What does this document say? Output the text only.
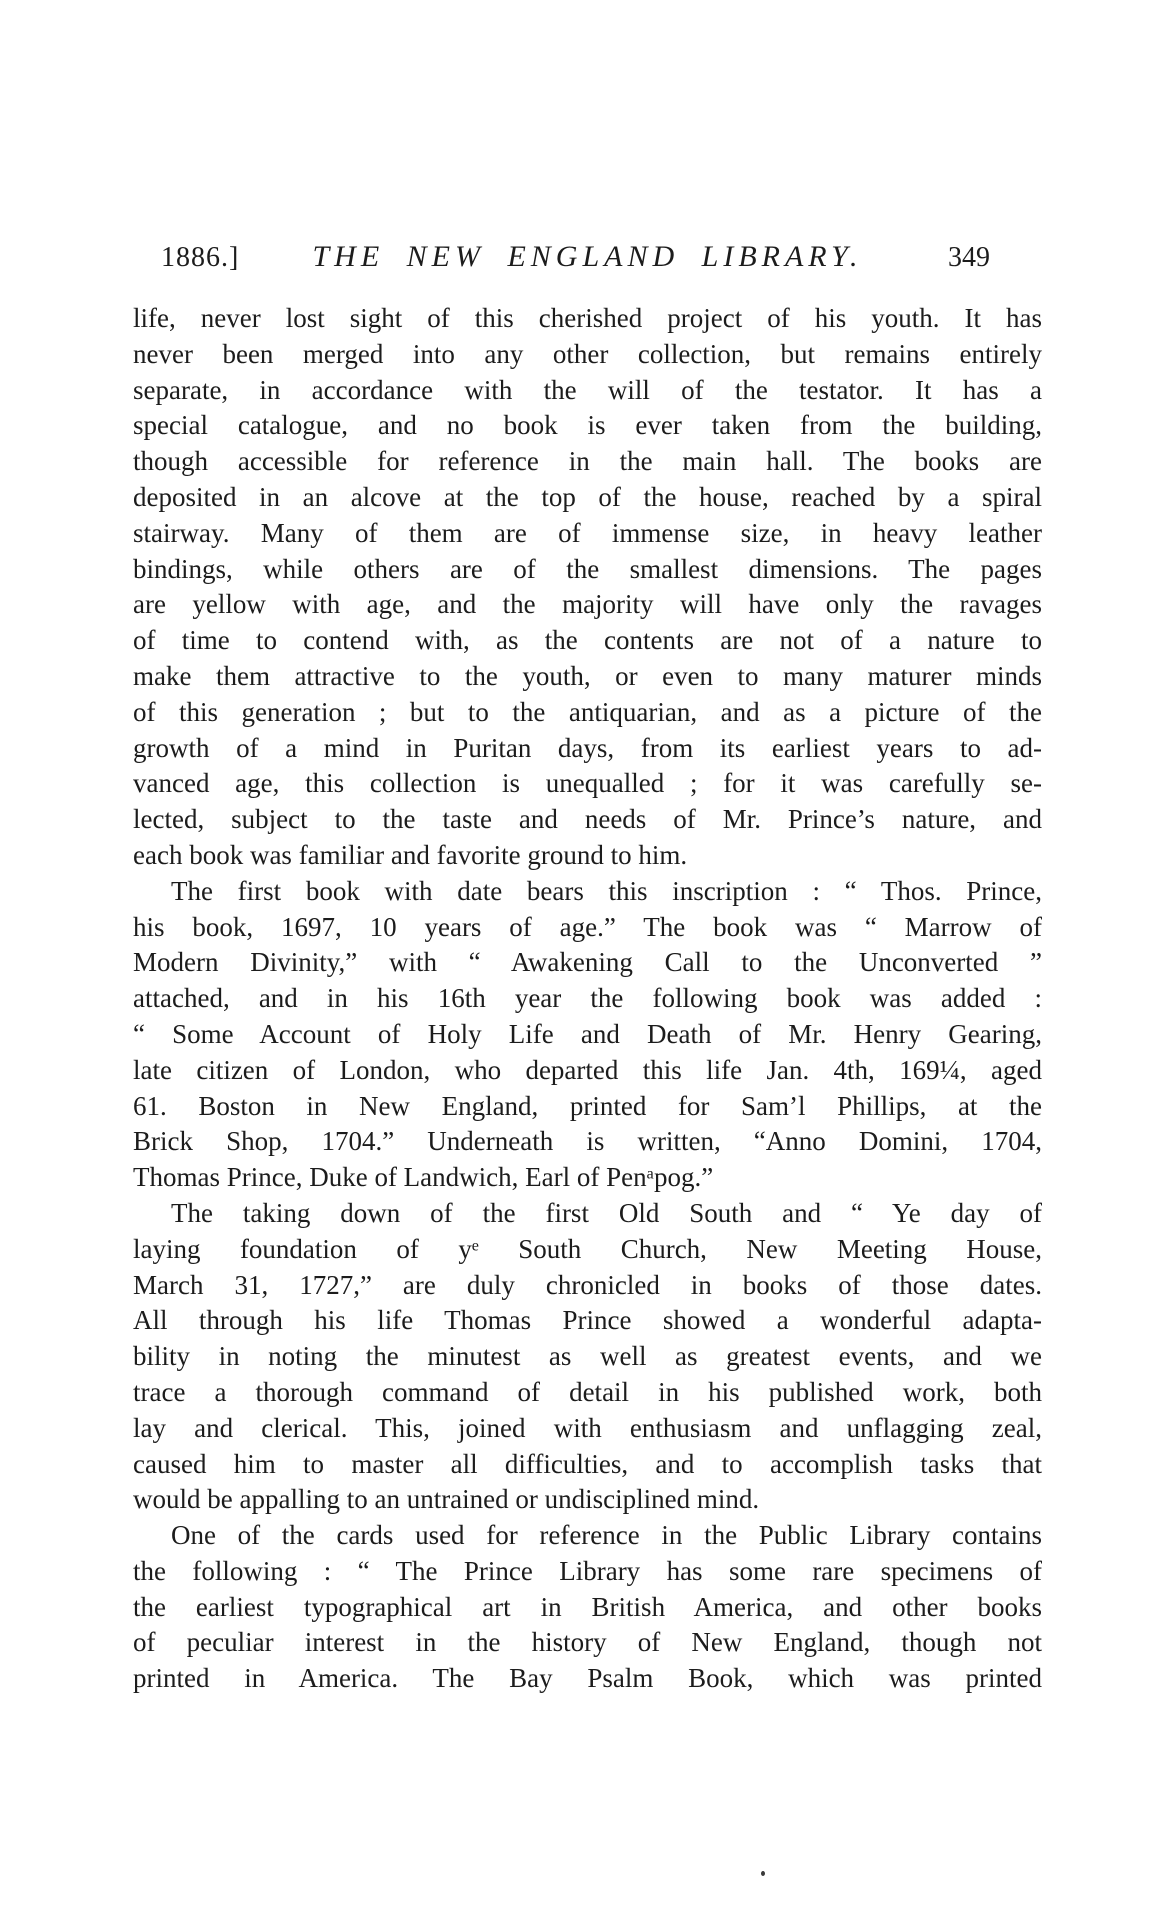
1886.]	THE NEW ENGLAND LIBRARY.	349
life, never lost sight of this cherished project of his youth. It has
never been merged into any other collection, but remains entirely
separate, in accordance with the will of the testator. It has a
special catalogue, and no book is ever taken from the building,
though accessible for reference in the main hall. The books are
deposited in an alcove at the top of the house, reached by a spiral
stairway. Many of them are of immense size, in heavy leather
bindings, while others are of the smallest dimensions. The pages
are yellow with age, and the majority will have only the ravages
of time to contend with, as the contents are not of a nature to
make them attractive to the youth, or even to many maturer minds
of this generation ; but to the antiquarian, and as a picture of the
growth of a mind in Puritan days, from its earliest years to ad-
vanced age, this collection is unequalled ; for it was carefully se-
lected, subject to the taste and needs of Mr. Prince’s nature, and
each book was familiar and favorite ground to him.
The first book with date bears this inscription : “ Thos. Prince,
his book, 1697, 10 years of age.” The book was “ Marrow of
Modern Divinity,” with “ Awakening Call to the Unconverted ”
attached, and in his 16th year the following book was added :
“ Some Account of Holy Life and Death of Mr. Henry Gearing,
late citizen of London, who departed this life Jan. 4th, 169¼, aged
61. Boston in New England, printed for Sam’l Phillips, at the
Brick Shop, 1704.” Underneath is written, “Anno Domini, 1704,
Thomas Prince, Duke of Landwich, Earl of Penᵃpog.”
The taking down of the first Old South and “ Ye day of
laying foundation of yᵉ South Church, New Meeting House,
March 31, 1727,” are duly chronicled in books of those dates.
All through his life Thomas Prince showed a wonderful adapta-
bility in noting the minutest as well as greatest events, and we
trace a thorough command of detail in his published work, both
lay and clerical. This, joined with enthusiasm and unflagging zeal,
caused him to master all difficulties, and to accomplish tasks that
would be appalling to an untrained or undisciplined mind.
One of the cards used for reference in the Public Library contains
the following : “ The Prince Library has some rare specimens of
the earliest typographical art in British America, and other books
of peculiar interest in the history of New England, though not
printed in America. The Bay Psalm Book, which was printed
